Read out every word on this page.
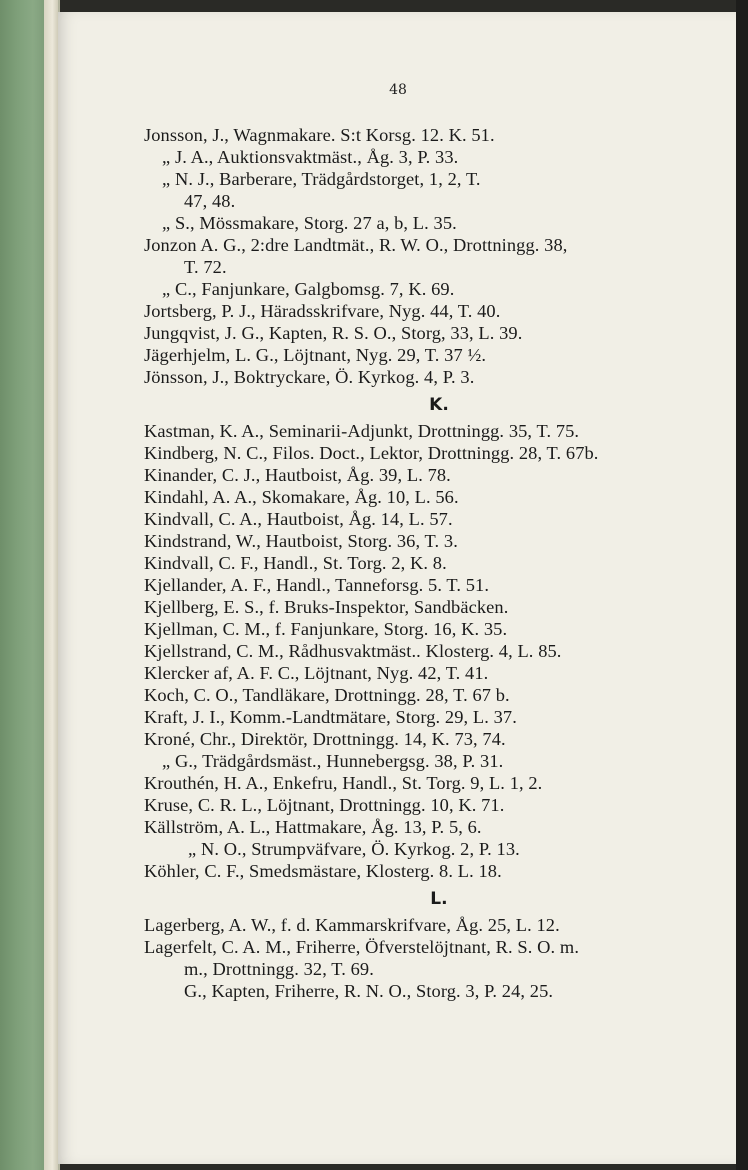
48
Jonsson, J., Wagnmakare. S:t Korsg. 12. K. 51.
„ J. A., Auktionsvaktmäst., Åg. 3, P. 33.
„ N. J., Barberare, Trädgårdstorget, 1, 2, T.
47, 48.
„ S., Mössmakare, Storg. 27 a, b, L. 35.
Jonzon A. G., 2:dre Landtmät., R. W. O., Drottningg. 38,
T. 72.
„ C., Fanjunkare, Galgbomsg. 7, K. 69.
Jortsberg, P. J., Häradsskrifvare, Nyg. 44, T. 40.
Jungqvist, J. G., Kapten, R. S. O., Storg, 33, L. 39.
Jägerhjelm, L. G., Löjtnant, Nyg. 29, T. 37 ½.
Jönsson, J., Boktryckare, Ö. Kyrkog. 4, P. 3.
K.
Kastman, K. A., Seminarii-Adjunkt, Drottningg. 35, T. 75.
Kindberg, N. C., Filos. Doct., Lektor, Drottningg. 28, T. 67b.
Kinander, C. J., Hautboist, Åg. 39, L. 78.
Kindahl, A. A., Skomakare, Åg. 10, L. 56.
Kindvall, C. A., Hautboist, Åg. 14, L. 57.
Kindstrand, W., Hautboist, Storg. 36, T. 3.
Kindvall, C. F., Handl., St. Torg. 2, K. 8.
Kjellander, A. F., Handl., Tanneforsg. 5. T. 51.
Kjellberg, E. S., f. Bruks-Inspektor, Sandbäcken.
Kjellman, C. M., f. Fanjunkare, Storg. 16, K. 35.
Kjellstrand, C. M., Rådhusvaktmäst.. Klosterg. 4, L. 85.
Klercker af, A. F. C., Löjtnant, Nyg. 42, T. 41.
Koch, C. O., Tandläkare, Drottningg. 28, T. 67 b.
Kraft, J. I., Komm.-Landtmätare, Storg. 29, L. 37.
Kroné, Chr., Direktör, Drottningg. 14, K. 73, 74.
„ G., Trädgårdsmäst., Hunnebergsg. 38, P. 31.
Krouthén, H. A., Enkefru, Handl., St. Torg. 9, L. 1, 2.
Kruse, C. R. L., Löjtnant, Drottningg. 10, K. 71.
Källström, A. L., Hattmakare, Åg. 13, P. 5, 6.
„ N. O., Strumpväfvare, Ö. Kyrkog. 2, P. 13.
Köhler, C. F., Smedsmästare, Klosterg. 8. L. 18.
L.
Lagerberg, A. W., f. d. Kammarskrifvare, Åg. 25, L. 12.
Lagerfelt, C. A. M., Friherre, Öfverstelöjtnant, R. S. O. m.
m., Drottningg. 32, T. 69.
G., Kapten, Friherre, R. N. O., Storg. 3, P. 24, 25.
